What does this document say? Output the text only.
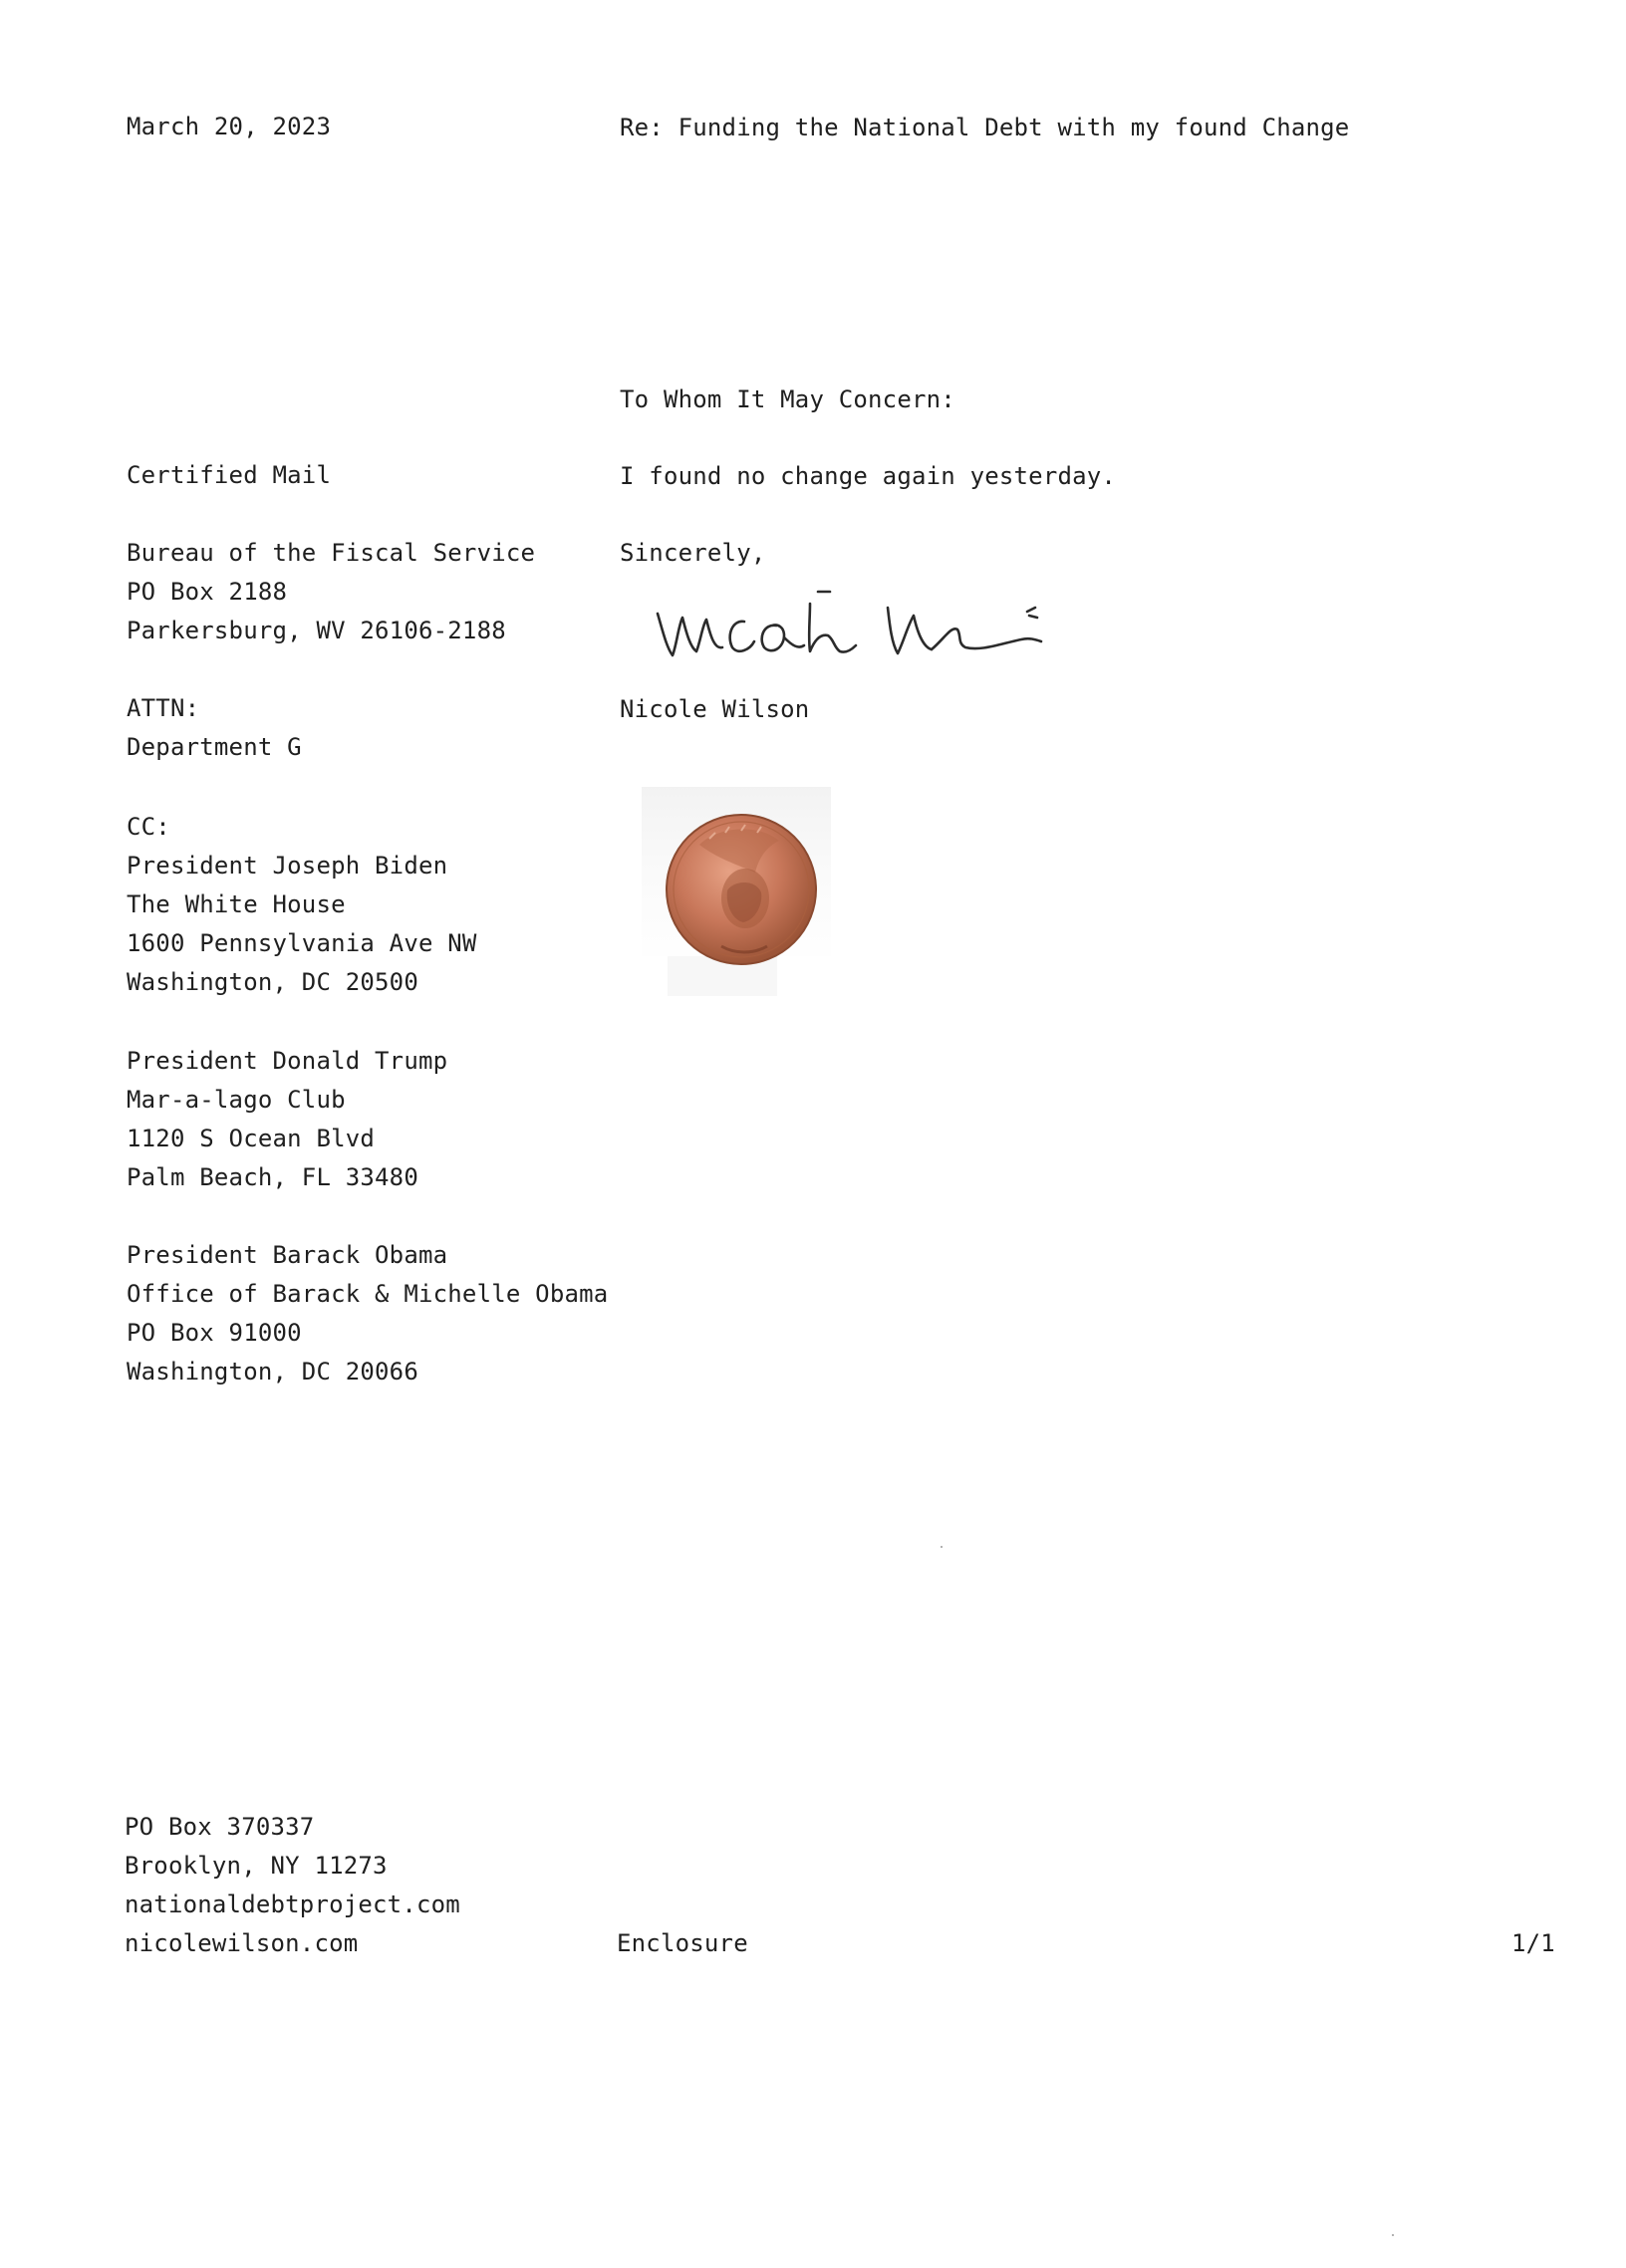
March 20, 2023	Re: Funding the National Debt with my found Change
To Whom It May Concern:
Certified Mail	I found no change again yesterday.
Bureau of the Fiscal Service
PO Box 2188
Parkersburg, WV 26106-2188
Sincerely,
ATTN:
Department G
Nicole Wilson
CC:
President Joseph Biden
The White House
1600 Pennsylvania Ave NW
Washington, DC 20500
President Donald Trump
Mar-a-lago Club
1120 S Ocean Blvd
Palm Beach, FL 33480
President Barack Obama
Office of Barack & Michelle Obama
PO Box 91000
Washington, DC 20066
PO Box 370337
Brooklyn, NY 11273
nationaldebtproject.com
nicolewilson.com	Enclosure	1/1
